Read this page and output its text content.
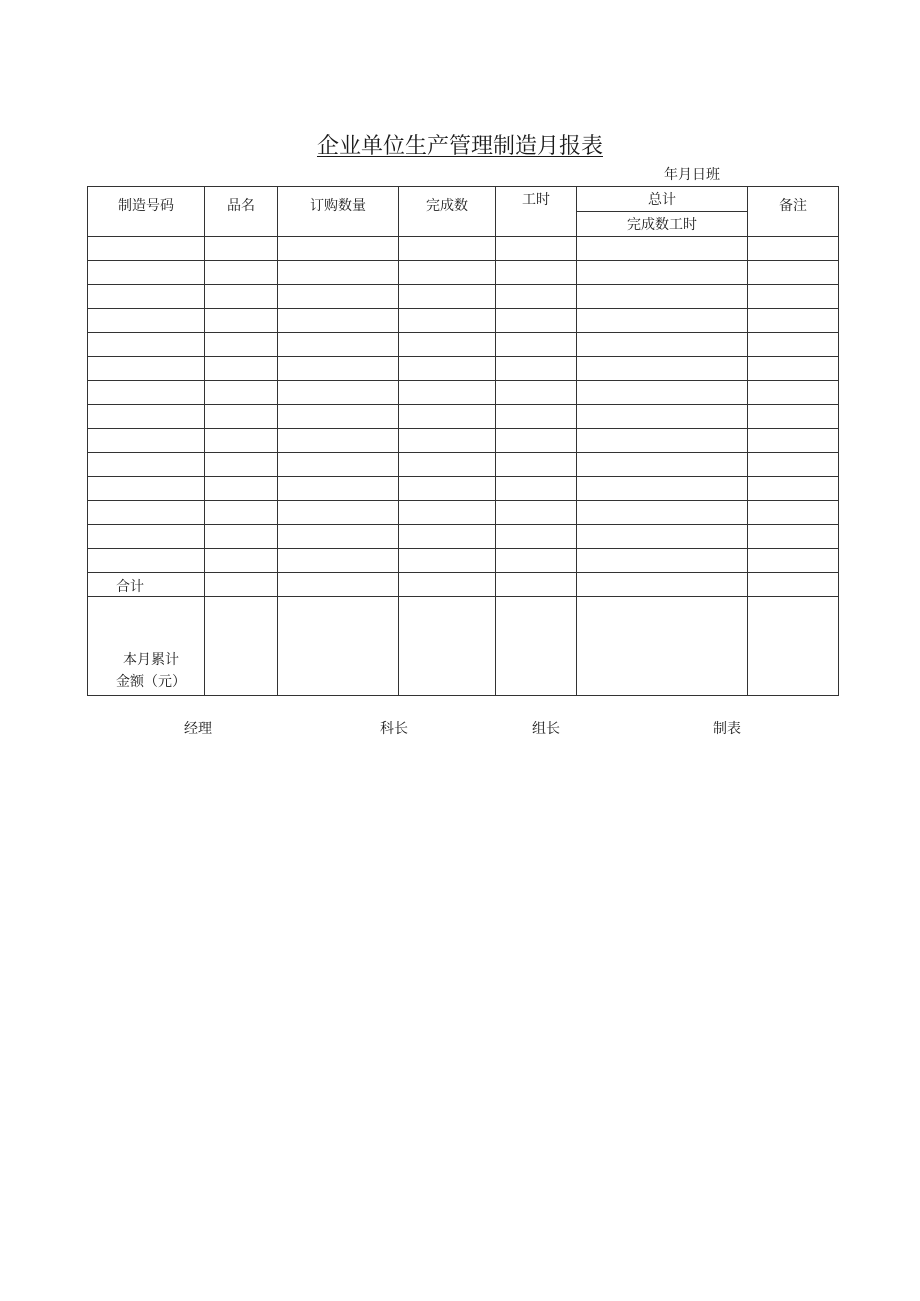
企业单位生产管理制造月报表
年月日班
制造号码	品名	订购数量	完成数	工时	总计	备注
					完成数工时	

合计						

本月累计
金额（元）						

经理	科长	组长	制表
